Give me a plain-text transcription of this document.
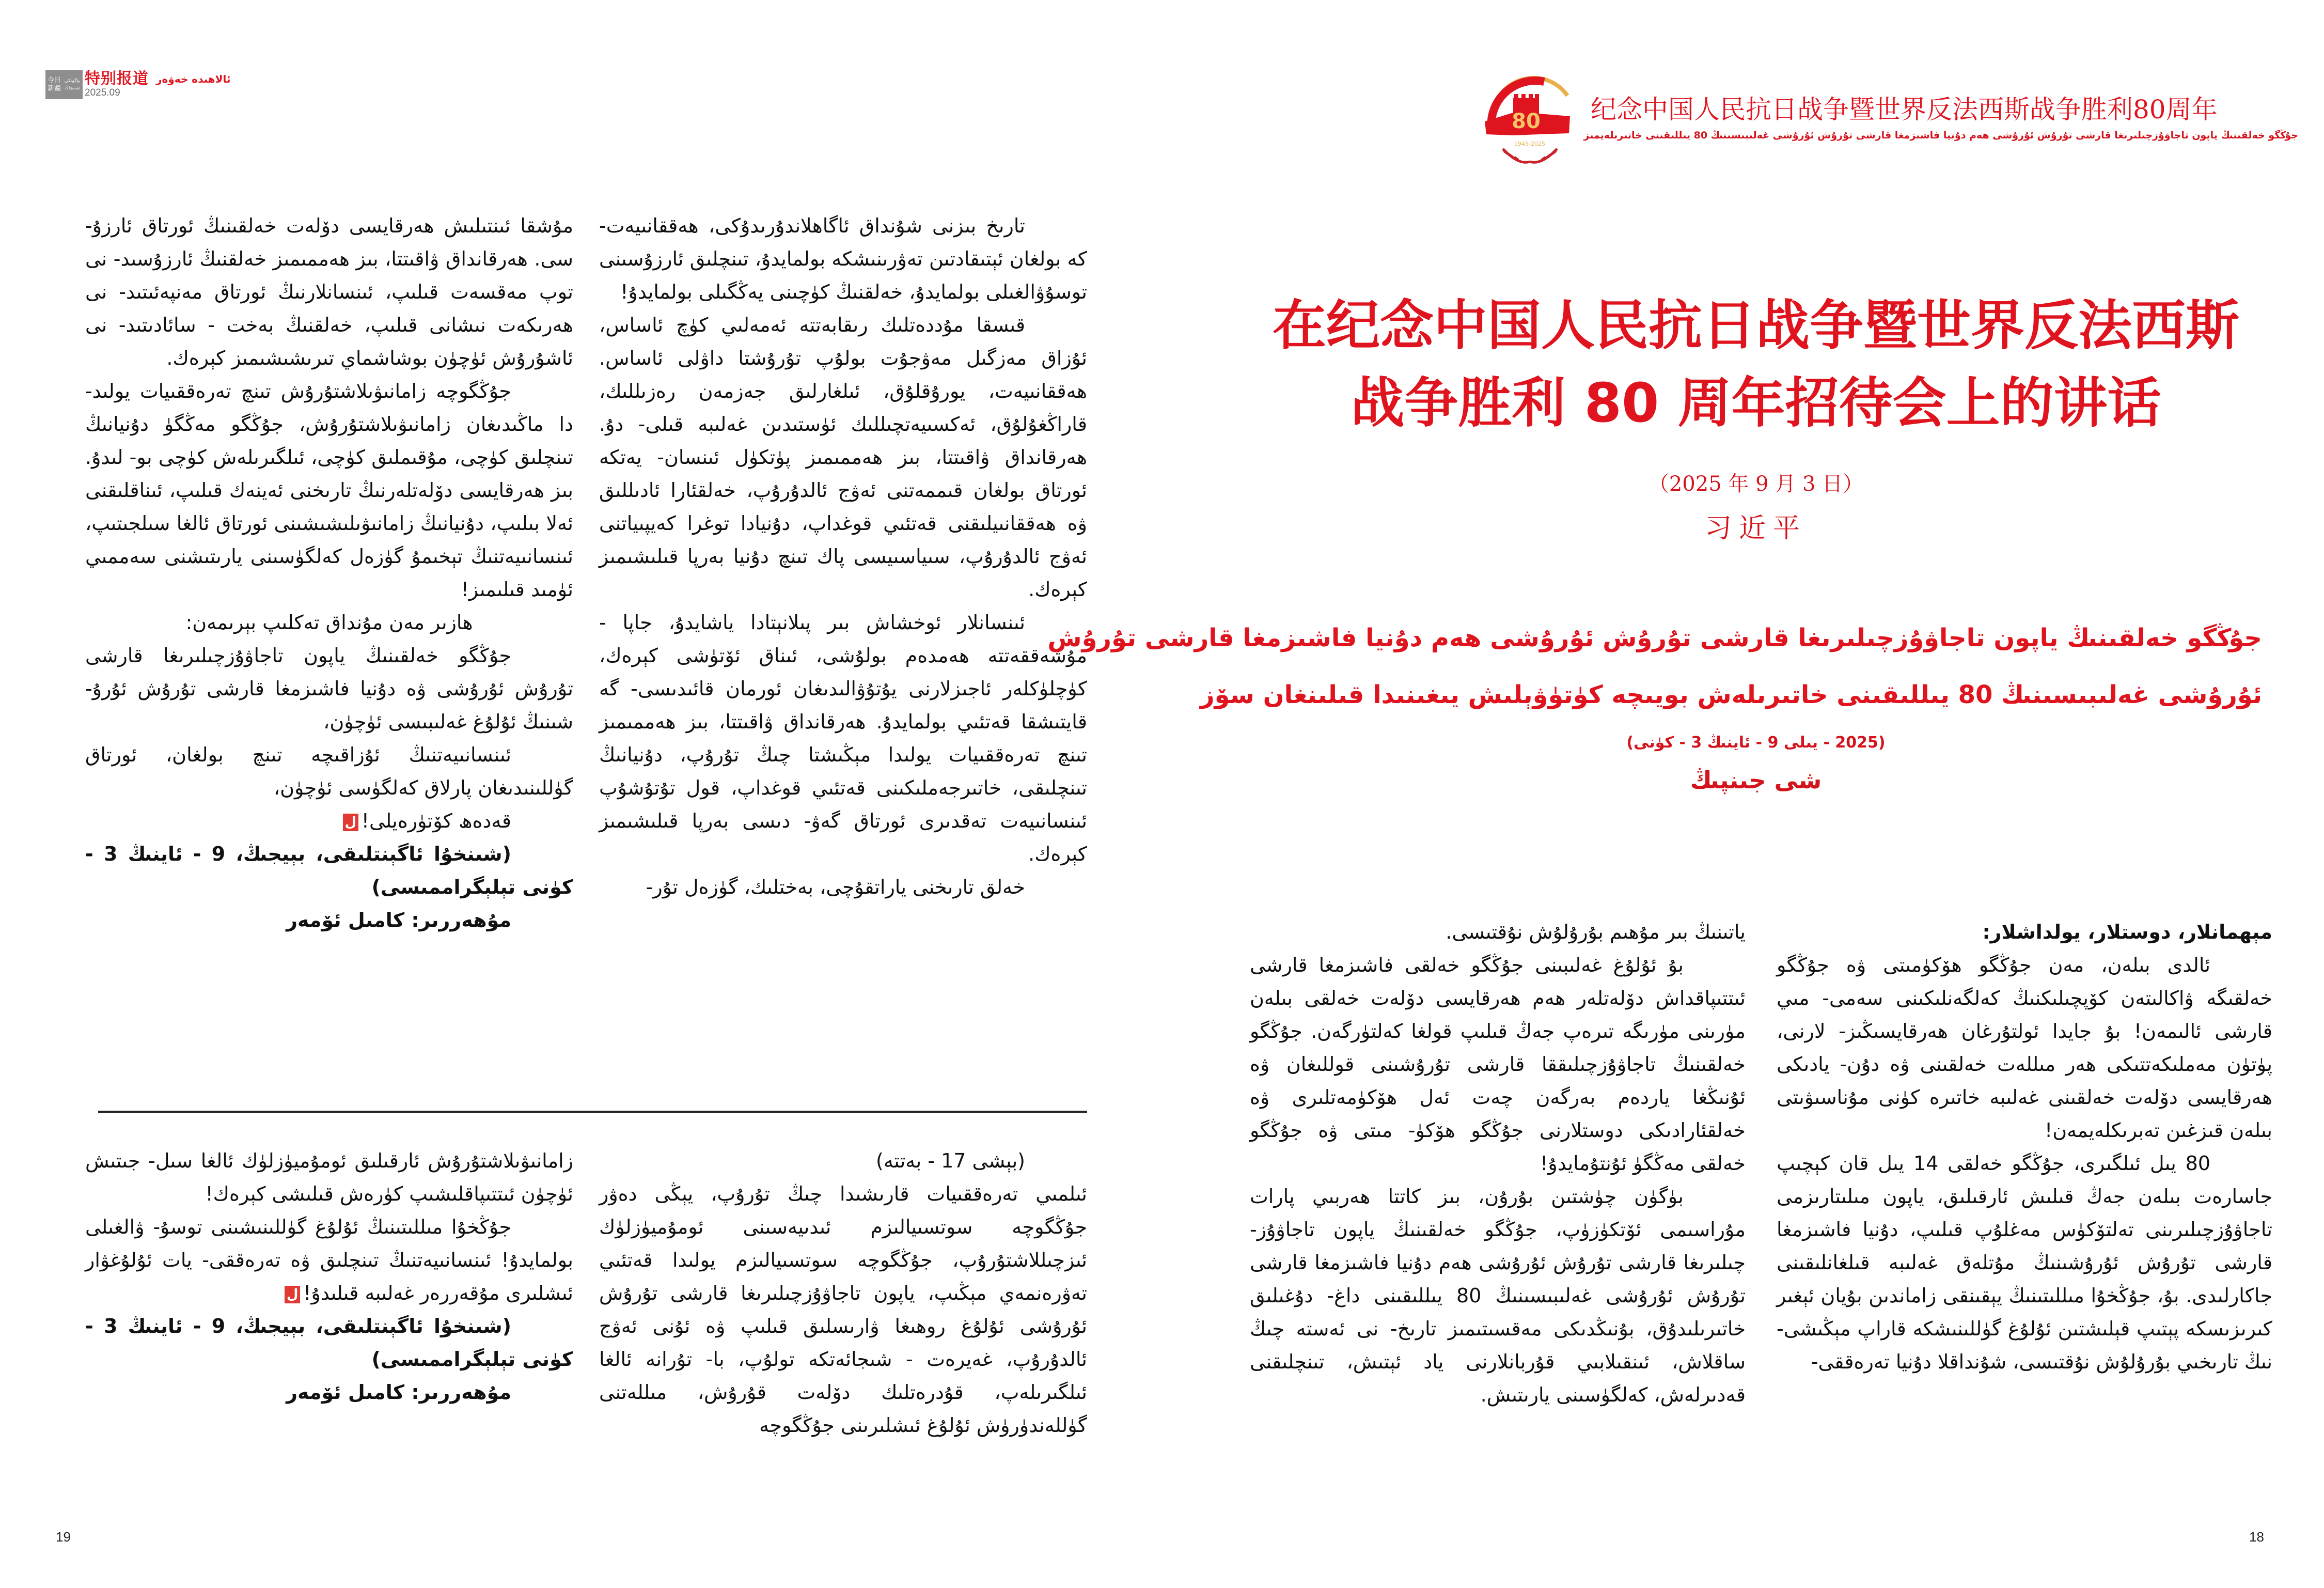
今日新疆
بۈگۈنكى شىنجاڭ
特别报道 ئالاھىدە خەۋەر
2025.09

تارىخ بىزنى شۇنداق ئاگاھلاندۇرىدۇكى، ھەققانىيەت- كە بولغان ئېتىقادتىن تەۋرىنىشكە بولمايدۇ، تىنچلىق ئارزۇسىنى توسۇۋالغىلى بولمايدۇ، خەلقنىڭ كۈچىنى يەڭگىلى بولمايدۇ!

قىسقا مۇددەتلىك رىقابەتتە ئەمەلىي كۈچ ئاساس، ئۇزاق مەزگىل مەۋجۇت بولۇپ تۇرۇشتا داۋلى ئاساس. ھەققانىيەت، يورۇقلۇق، ئىلغارلىق جەزمەن رەزىللىك، قاراڭغۇلۇق، ئەكسىيەتچىللىك ئۈستىدىن غەلىبە قىلى- دۇ. ھەرقانداق ۋاقىتتا، بىز ھەممىمىز پۈتكۈل ئىنسان- يەتكە ئورتاق بولغان قىممەتنى ئەۋج ئالدۇرۇپ، خەلقئارا ئادىللىق ۋە ھەققانىيلىقنى قەتئىي قوغداپ، دۇنيادا توغرا كەيپىياتنى ئەۋج ئالدۇرۇپ، سىياسىيسى پاك تىنچ دۇنيا بەرپا قىلىشىمىز كېرەك.

ئىنسانلار ئوخشاش بىر پىلانېتادا ياشايدۇ، جاپا - مۇشەققەتتە ھەمدەم بولۇشى، ئىناق ئۆتۈشى كېرەك، كۈچلۈكلەر ئاجىزلارنى يۇتۇۋالىدىغان ئورمان قائىدىسى- گە قايتىشقا قەتئىي بولمايدۇ. ھەرقانداق ۋاقىتتا، بىز ھەممىمىز تىنچ تەرەققىيات يولىدا مېڭىشتا چىڭ تۇرۇپ، دۇنيانىڭ تىنچلىقى، خاتىرجەملىكىنى قەتئىي قوغداپ، قول تۇتۇشۇپ ئىنسانىيەت تەقدىرى ئورتاق گەۋ- دىسى بەرپا قىلىشىمىز كېرەك.

خەلق تارىخنى ياراتقۇچى، بەختلىك، گۈزەل تۇر-

مۇشقا ئىنتىلىش ھەرقايسى دۆلەت خەلقىنىڭ ئورتاق ئارزۇ- سى. ھەرقانداق ۋاقىتتا، بىز ھەممىمىز خەلقنىڭ ئارزۇسىد- نى توپ مەقسەت قىلىپ، ئىنسانلارنىڭ ئورتاق مەنپەئىتىد- نى ھەرىكەت نىشانى قىلىپ، خەلقنىڭ بەخت - سائادىتىد- نى ئاشۇرۇش ئۈچۈن بوشاشماي تىرىشىشىمىز كېرەك.

جۇڭگوچە زامانىۋىلاشتۇرۇش تىنچ تەرەققىيات يولىد- دا ماڭىدىغان زامانىۋىلاشتۇرۇش، جۇڭگو مەڭگۈ دۇنيانىڭ تىنچلىق كۈچى، مۇقىملىق كۈچى، ئىلگىرىلەش كۈچى بو- لىدۇ. بىز ھەرقايسى دۆلەتلەرنىڭ تارىخنى ئەينەك قىلىپ، ئىناقلىقنى ئەلا بىلىپ، دۇنيانىڭ زامانىۋىلىشىشىنى ئورتاق ئالغا سىلجىتىپ، ئىنسانىيەتنىڭ تېخىمۇ گۈزەل كەلگۈسىنى يارىتىشنى سەممىي ئۈمىد قىلىمىز!

ھازىر مەن مۇنداق تەكلىپ بېرىمەن:

جۇڭگو خەلقىنىڭ ياپون تاجاۋۇزچىلىرىغا قارشى تۇرۇش ئۇرۇشى ۋە دۇنيا فاشىزمغا قارشى تۇرۇش ئۇرۇ- شىنىڭ ئۇلۇغ غەلىبىسى ئۈچۈن،

ئىنسانىيەتنىڭ ئۇزاقىچە تىنچ بولغان، ئورتاق گۈللىنىدىغان پارلاق كەلگۈسى ئۈچۈن،

قەدەھ كۆتۈرەيلى!ل

(شىنخۇا ئاگېنتلىقى، بېيجىڭ، 9 - ئاينىڭ 3 - كۈنى تېلېگراممىسى)

مۇھەررىر: كامىل ئۆمەر

(بېشى 17 - بەتتە)

ئىلمىي تەرەققىيات قارىشىدا چىڭ تۇرۇپ، يېڭى دەۋر جۇڭگوچە سوتسىيالىزم ئىدىيەسىنى ئومۇميۈزلۈك ئىزچىللاشتۇرۇپ، جۇڭگوچە سوتسىيالىزم يولىدا قەتئىي تەۋرەنمەي مېڭىپ، ياپون تاجاۋۇزچىلىرىغا قارشى تۇرۇش ئۇرۇشى ئۇلۇغ روھىغا ۋارىسلىق قىلىپ ۋە ئۇنى ئەۋج ئالدۇرۇپ، غەيرەت - شىجائەتكە تولۇپ، با- تۇرانە ئالغا ئىلگىرىلەپ، قۇدرەتلىك دۆلەت قۇرۇش، مىللەتنى گۈللەندۈرۈش ئۇلۇغ ئىشلىرىنى جۇڭگوچە

زامانىۋىلاشتۇرۇش ئارقىلىق ئومۇميۈزلۈك ئالغا سىل- جىتىش ئۈچۈن ئىتتىپاقلىشىپ كۈرەش قىلىشى كېرەك!

جۇڭخۇا مىللىتىنىڭ ئۇلۇغ گۈللىنىشىنى توسۇ- ۋالغىلى بولمايدۇ! ئىنسانىيەتنىڭ تىنچلىق ۋە تەرەققى- يات ئۇلۇغۋار ئىشلىرى مۇقەررەر غەلىبە قىلىدۇ!ل

(شىنخۇا ئاگېنتلىقى، بېيجىڭ، 9 - ئاينىڭ 3 - كۈنى تېلېگراممىسى)

مۇھەررىر: كامىل ئۆمەر

19
80
1945-2025
纪念中国人民抗日战争暨世界反法西斯战争胜利80周年
جۇڭگو خەلقىنىڭ ياپون تاجاۋۇزچىلىرىغا قارشى تۇرۇش ئۇرۇشى ھەم دۇنيا فاشىزمغا قارشى تۇرۇش ئۇرۇشى غەلىبىسىنىڭ 80 يىللىقىنى خاتىرىلەيمىز
在纪念中国人民抗日战争暨世界反法西斯
战争胜利 80 周年招待会上的讲话
（2025 年 9 月 3 日）
习近平
جۇڭگو خەلقىنىڭ ياپون تاجاۋۇزچىلىرىغا قارشى تۇرۇش ئۇرۇشى ھەم دۇنيا فاشىزمغا قارشى تۇرۇش
ئۇرۇشى غەلىبىسىنىڭ 80 يىللىقىنى خاتىرىلەش بويىچە كۈتۈۋېلىش يىغىنىدا قىلىنغان سۆز
(2025 - يىلى 9 - ئاينىڭ 3 - كۈنى)
شى جىنپىڭ

مېھمانلار، دوستلار، يولداشلار:

ئالدى بىلەن، مەن جۇڭگو ھۆكۈمىتى ۋە جۇڭگو خەلقىگە ۋاكالىتەن كۆپچىلىكنىڭ كەلگەنلىكىنى سەمى- مىي قارشى ئالىمەن! بۇ جايدا ئولتۇرغان ھەرقايسىڭىز- لارنى، پۈتۈن مەملىكەتتىكى ھەر مىللەت خەلقىنى ۋە دۇن- يادىكى ھەرقايسى دۆلەت خەلقىنى غەلىبە خاتىرە كۈنى مۇناسىۋىتى بىلەن قىزغىن تەبرىكلەيمەن!

80 يىل ئىلگىرى، جۇڭگو خەلقى 14 يىل قان كېچىپ جاسارەت بىلەن جەڭ قىلىش ئارقىلىق، ياپون مىلىتارىزمى تاجاۋۇزچىلىرىنى تەلتۆكۈس مەغلۇپ قىلىپ، دۇنيا فاشىزمغا قارشى تۇرۇش ئۇرۇشىنىڭ مۇتلەق غەلىبە قىلغانلىقىنى جاكارلىدى. بۇ، جۇڭخۇا مىللىتىنىڭ يېقىنقى زاماندىن بۇيان ئېغىر كىرىزىسكە پېتىپ قېلىشتىن ئۇلۇغ گۈللىنىشكە قاراپ مېڭىشى- نىڭ تارىخىي بۇرۇلۇش نۇقتىسى، شۇنداقلا دۇنيا تەرەققى-

ياتىنىڭ بىر مۇھىم بۇرۇلۇش نۇقتىسى.

بۇ ئۇلۇغ غەلىبىنى جۇڭگو خەلقى فاشىزمغا قارشى ئىتتىپاقداش دۆلەتلەر ھەم ھەرقايسى دۆلەت خەلقى بىلەن مۈرىنى مۈرىگە تىرەپ جەڭ قىلىپ قولغا كەلتۈرگەن. جۇڭگو خەلقىنىڭ تاجاۋۇزچىلىققا قارشى تۇرۇشىنى قوللىغان ۋە ئۇنىڭغا ياردەم بەرگەن چەت ئەل ھۆكۈمەتلىرى ۋە خەلقئارادىكى دوستلارنى جۇڭگو ھۆكۈ- مىتى ۋە جۇڭگو خەلقى مەڭگۈ ئۇنتۇمايدۇ!

بۈگۈن چۈشتىن بۇرۇن، بىز كاتتا ھەربىي پارات مۇراسىمى ئۆتكۈزۈپ، جۇڭگو خەلقىنىڭ ياپون تاجاۋۇز- چىلىرىغا قارشى تۇرۇش ئۇرۇشى ھەم دۇنيا فاشىزمغا قارشى تۇرۇش ئۇرۇشى غەلىبىسىنىڭ 80 يىللىقىنى داغ- دۇغىلىق خاتىرىلىدۇق، بۇنىڭدىكى مەقسىتىمىز تارىخ- نى ئەستە چىڭ ساقلاش، ئىنقىلابىي قۇربانلارنى ياد ئېتىش، تىنچلىقنى قەدىرلەش، كەلگۈسىنى يارىتىش.

18
